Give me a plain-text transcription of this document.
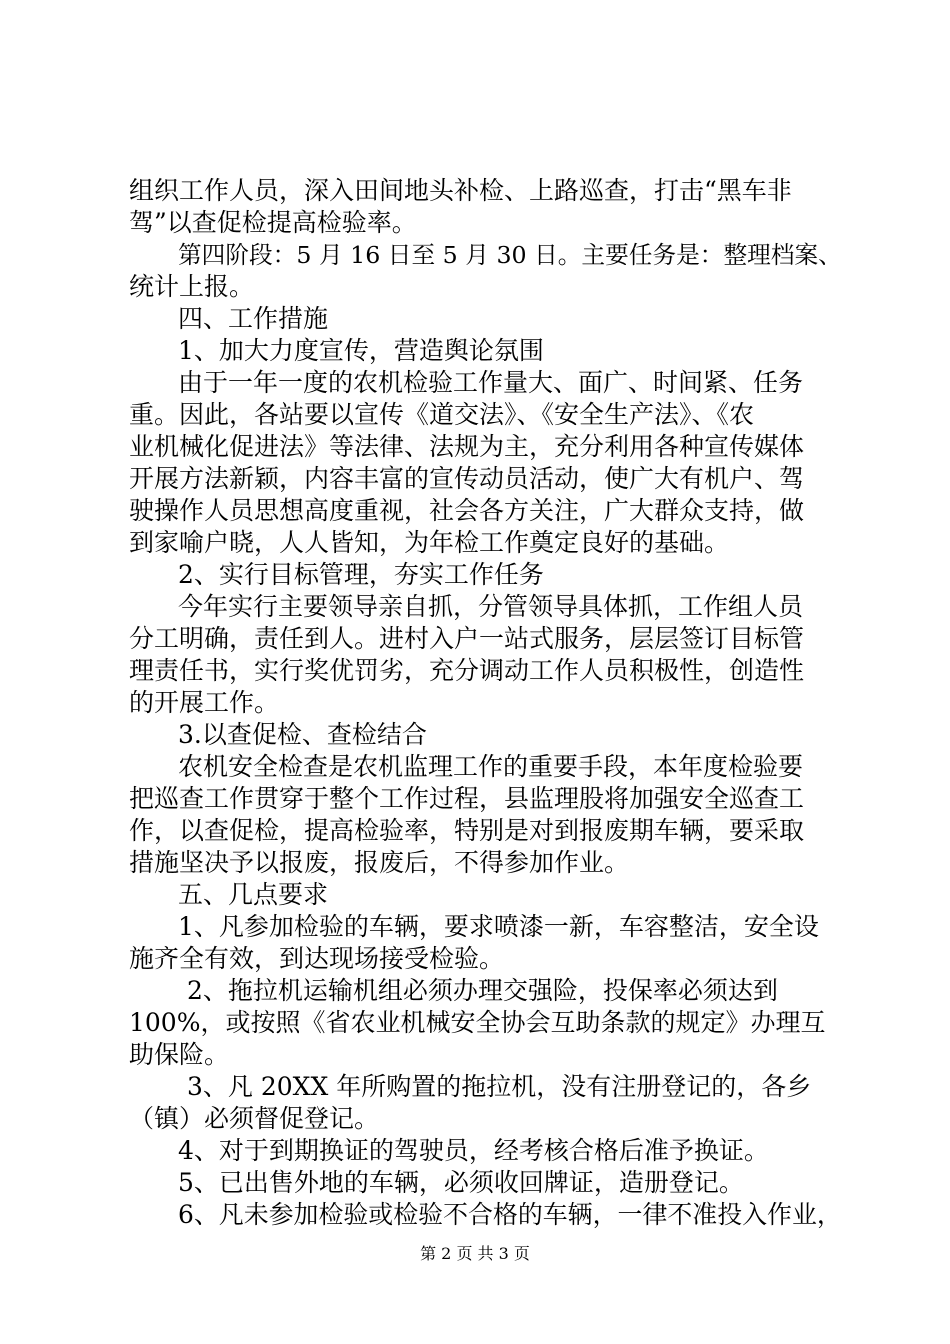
组织工作人员，深入田间地头补检、上路巡查，打击“黑车非
驾”以查促检提高检验率。
第四阶段：5 月 16 日至 5 月 30 日。主要任务是：整理档案、
统计上报。
四、工作措施
1、加大力度宣传，营造舆论氛围
由于一年一度的农机检验工作量大、面广、时间紧、任务
重。因此，各站要以宣传《道交法》、《安全生产法》、《农
业机械化促进法》等法律、法规为主，充分利用各种宣传媒体
开展方法新颖，内容丰富的宣传动员活动，使广大有机户、驾
驶操作人员思想高度重视，社会各方关注，广大群众支持，做
到家喻户晓，人人皆知，为年检工作奠定良好的基础。
2、实行目标管理，夯实工作任务
今年实行主要领导亲自抓，分管领导具体抓，工作组人员
分工明确，责任到人。进村入户一站式服务，层层签订目标管
理责任书，实行奖优罚劣，充分调动工作人员积极性，创造性
的开展工作。
3.以查促检、查检结合
农机安全检查是农机监理工作的重要手段，本年度检验要
把巡查工作贯穿于整个工作过程，县监理股将加强安全巡查工
作，以查促检，提高检验率，特别是对到报废期车辆，要采取
措施坚决予以报废，报废后，不得参加作业。
五、几点要求
1、凡参加检验的车辆，要求喷漆一新，车容整洁，安全设
施齐全有效，到达现场接受检验。
2、拖拉机运输机组必须办理交强险，投保率必须达到
100%，或按照《省农业机械安全协会互助条款的规定》办理互
助保险。
3、凡 20XX 年所购置的拖拉机，没有注册登记的，各乡
（镇）必须督促登记。
4、对于到期换证的驾驶员，经考核合格后准予换证。
5、已出售外地的车辆，必须收回牌证，造册登记。
6、凡未参加检验或检验不合格的车辆，一律不准投入作业，
第 2 页 共 3 页
